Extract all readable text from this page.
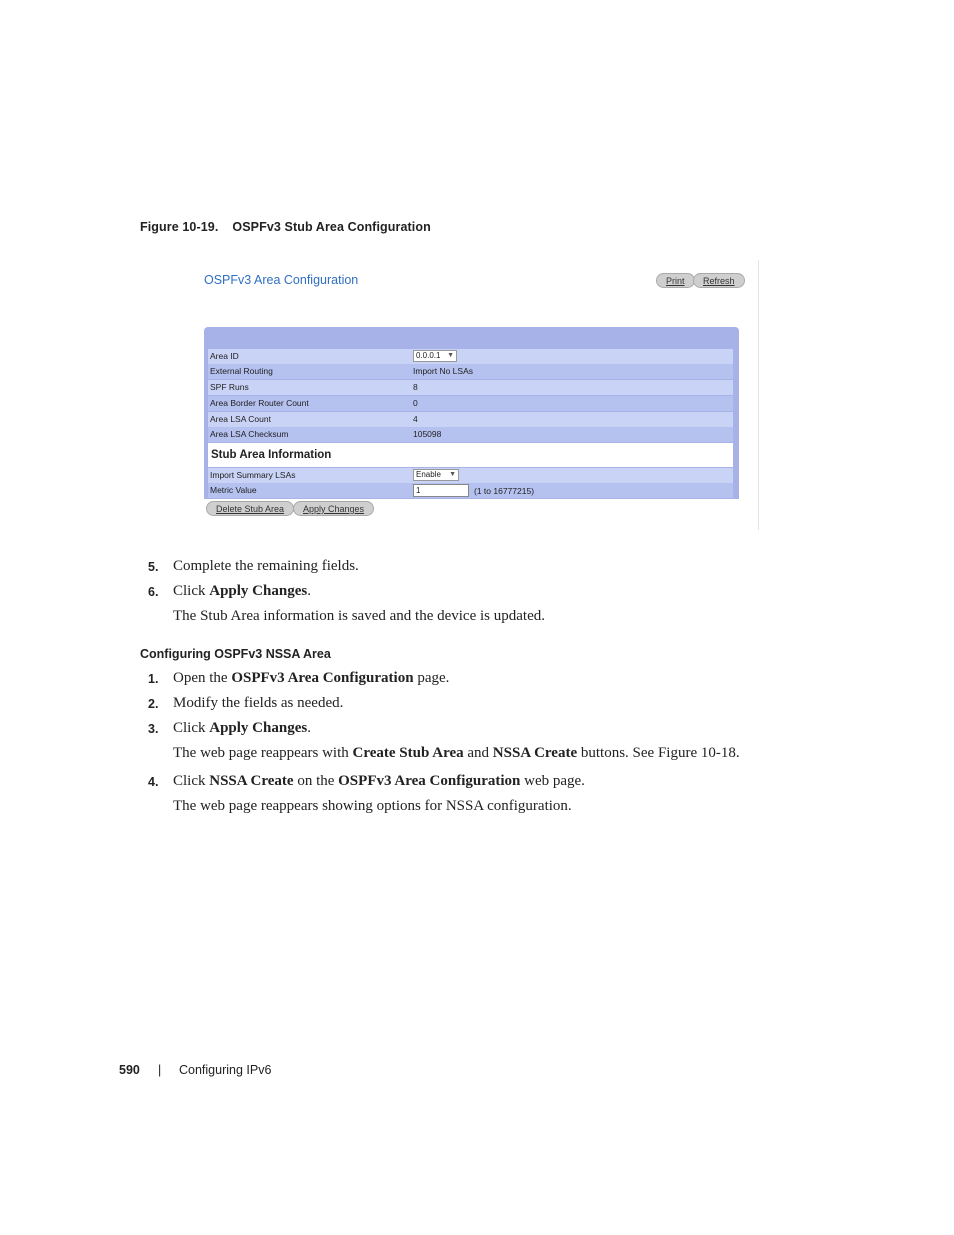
Figure 10-19. OSPFv3 Stub Area Configuration
OSPFv3 Area Configuration	Print	Refresh
Area ID	0.0.0.1 ▼
External Routing	Import No LSAs
SPF Runs	8
Area Border Router Count	0
Area LSA Count	4
Area LSA Checksum	105098
Stub Area Information
Import Summary LSAs	Enable ▼
Metric Value	1	(1 to 16777215)
Delete Stub Area	Apply Changes
5. Complete the remaining fields.
6. Click Apply Changes.
The Stub Area information is saved and the device is updated.
Configuring OSPFv3 NSSA Area
1. Open the OSPFv3 Area Configuration page.
2. Modify the fields as needed.
3. Click Apply Changes.
The web page reappears with Create Stub Area and NSSA Create buttons. See Figure 10-18.
4. Click NSSA Create on the OSPFv3 Area Configuration web page.
The web page reappears showing options for NSSA configuration.
590 | Configuring IPv6
